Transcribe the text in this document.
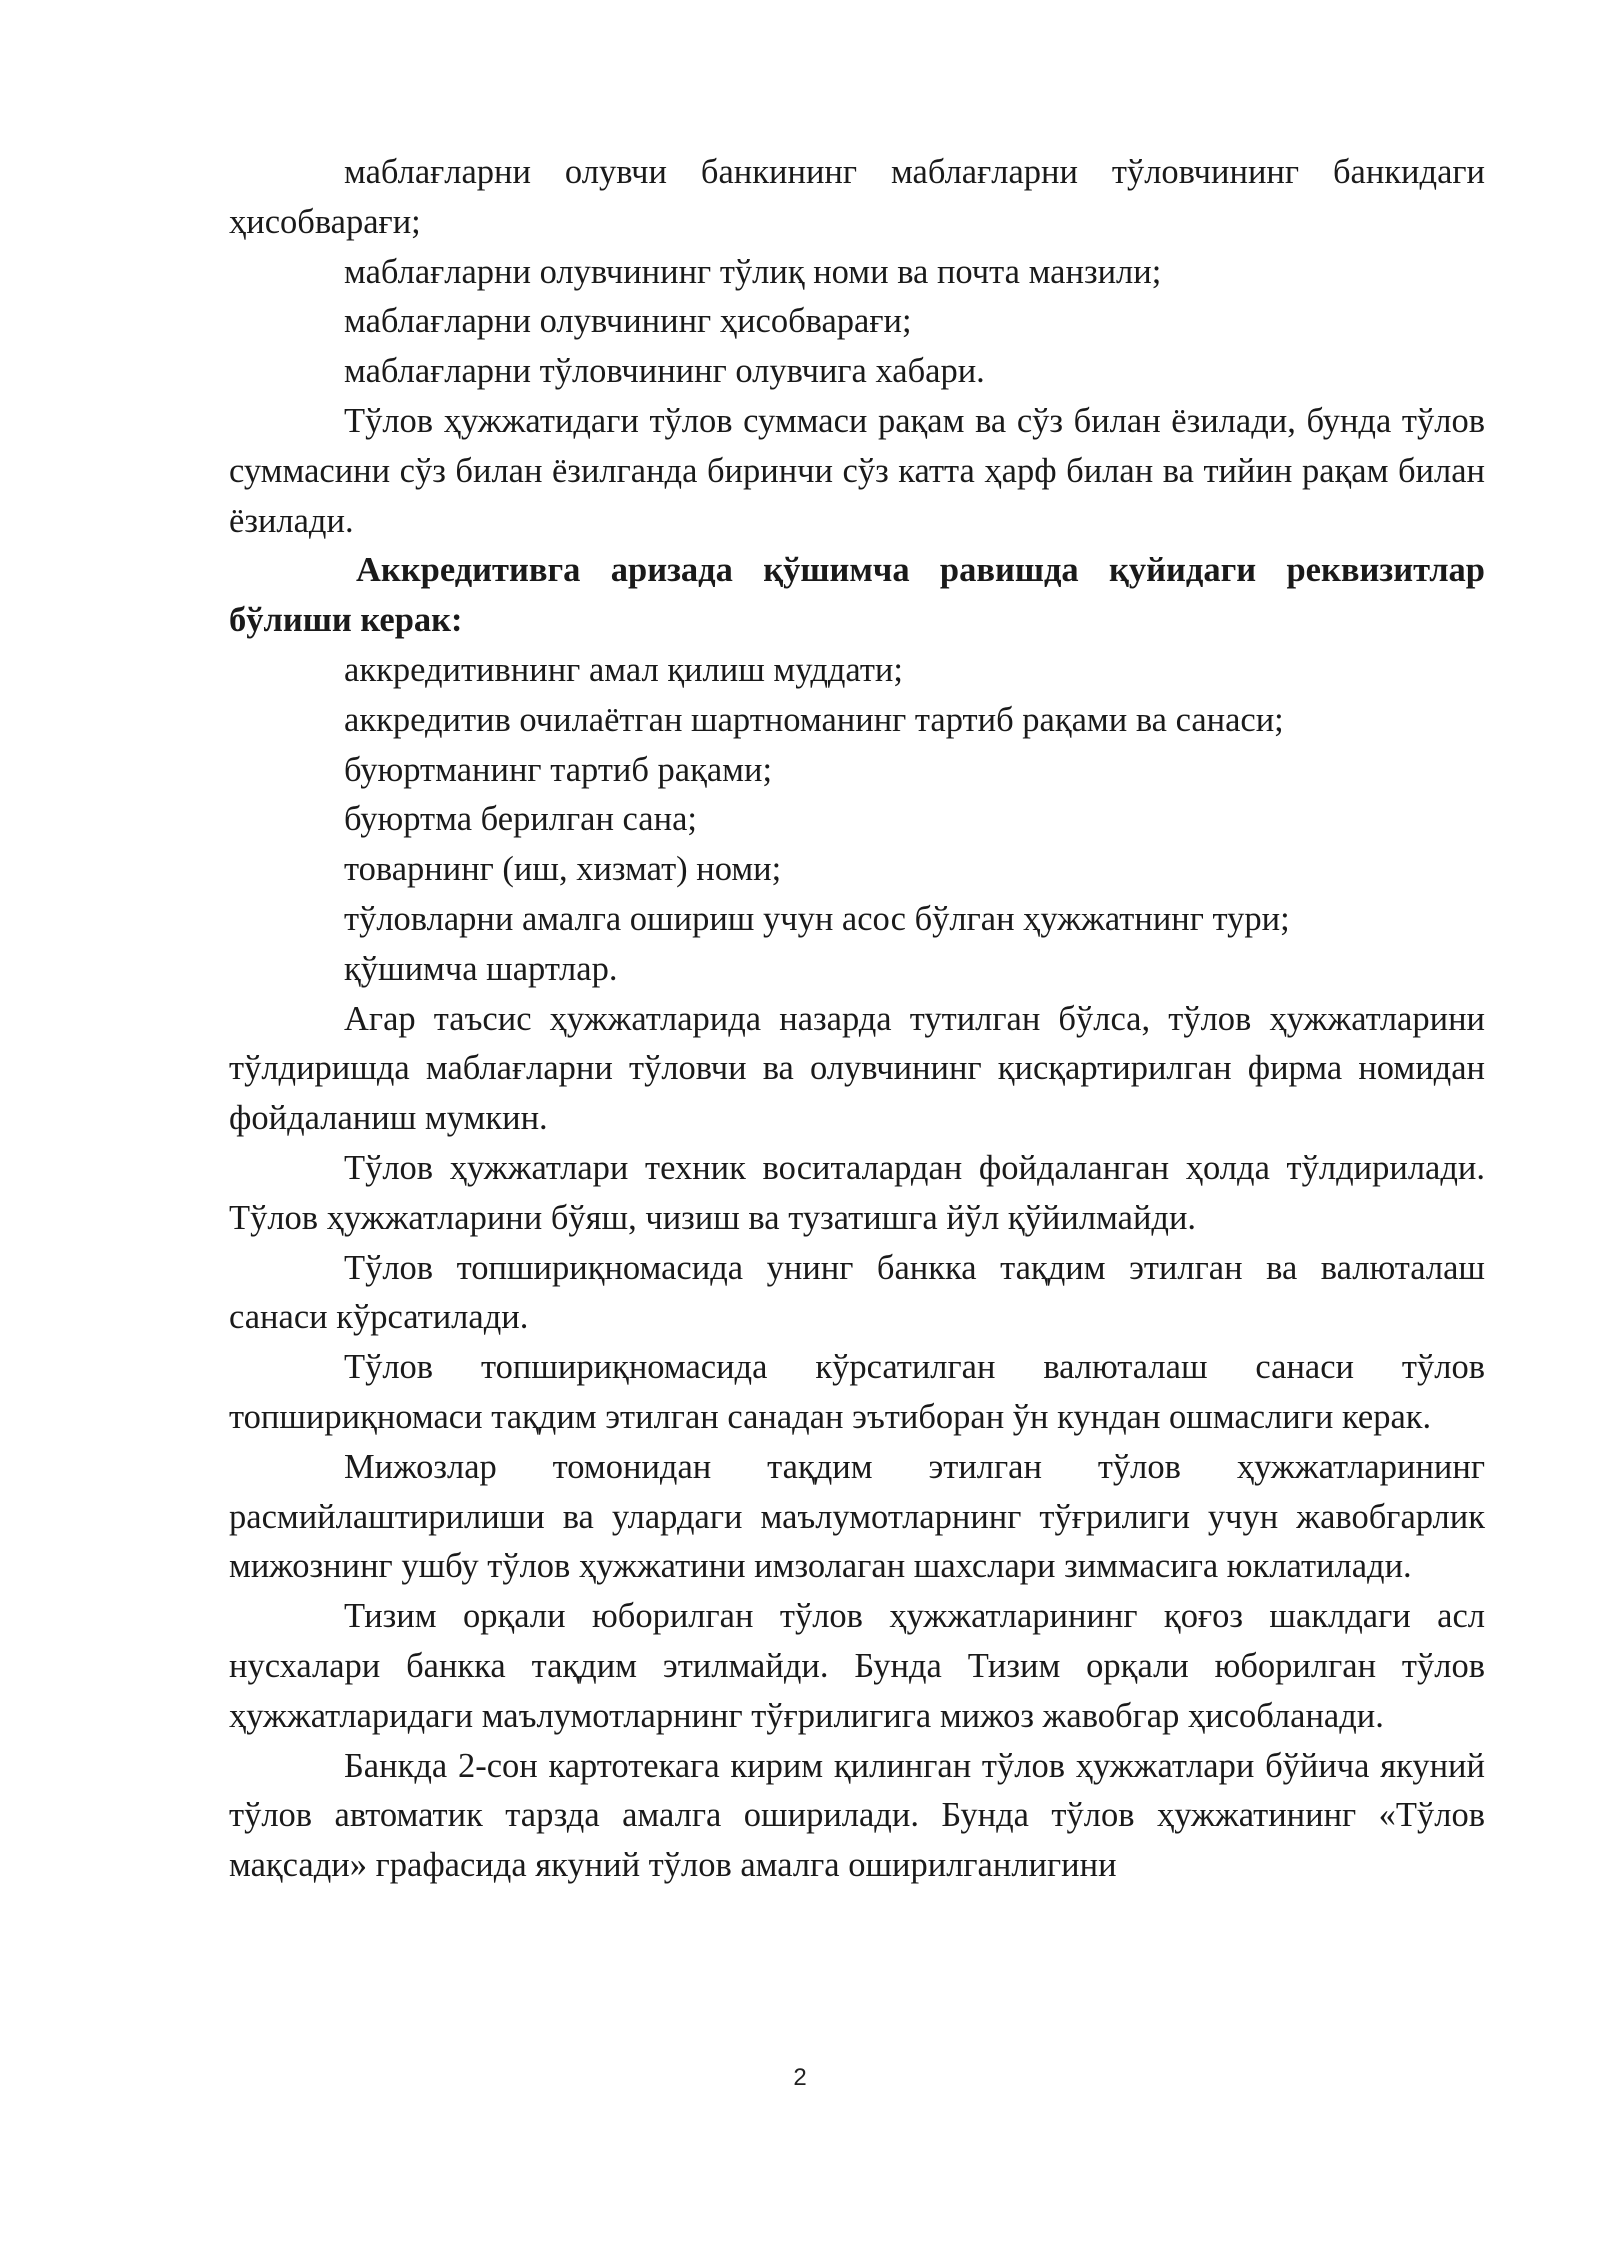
маблағларни олувчи банкининг маблағларни тўловчининг банкидаги ҳисобварағи;

маблағларни олувчининг тўлиқ номи ва почта манзили;

маблағларни олувчининг ҳисобварағи;

маблағларни тўловчининг олувчига хабари.

Тўлов ҳужжатидаги тўлов суммаси рақам ва сўз билан ёзилади, бунда тўлов суммасини сўз билан ёзилганда биринчи сўз катта ҳарф билан ва тийин рақам билан ёзилади.

Аккредитивга аризада қўшимча равишда қуйидаги реквизитлар бўлиши керак:

аккредитивнинг амал қилиш муддати;

аккредитив очилаётган шартноманинг тартиб рақами ва санаси;

буюртманинг тартиб рақами;

буюртма берилган сана;

товарнинг (иш, хизмат) номи;

тўловларни амалга ошириш учун асос бўлган ҳужжатнинг тури;

қўшимча шартлар.

Агар таъсис ҳужжатларида назарда тутилган бўлса, тўлов ҳужжатларини тўлдиришда маблағларни тўловчи ва олувчининг қисқартирилган фирма номидан фойдаланиш мумкин.

Тўлов ҳужжатлари техник воситалардан фойдаланган ҳолда тўлдирилади. Тўлов ҳужжатларини бўяш, чизиш ва тузатишга йўл қўйилмайди.

Тўлов топшириқномасида унинг банкка тақдим этилган ва валюталаш санаси кўрсатилади.

Тўлов топшириқномасида кўрсатилган валюталаш санаси тўлов топшириқномаси тақдим этилган санадан эътиборан ўн кундан ошмаслиги керак.

Мижозлар томонидан тақдим этилган тўлов ҳужжатларининг расмийлаштирилиши ва улардаги маълумотларнинг тўғрилиги учун жавобгарлик мижознинг ушбу тўлов ҳужжатини имзолаган шахслари зиммасига юклатилади.

Тизим орқали юборилган тўлов ҳужжатларининг қоғоз шаклдаги асл нусхалари банкка тақдим этилмайди. Бунда Тизим орқали юборилган тўлов ҳужжатларидаги маълумотларнинг тўғрилигига мижоз жавобгар ҳисобланади.

Банкда 2-сон картотекага кирим қилинган тўлов ҳужжатлари бўйича якуний тўлов автоматик тарзда амалга оширилади. Бунда тўлов ҳужжатининг «Тўлов мақсади» графасида якуний тўлов амалга оширилганлигини

2
